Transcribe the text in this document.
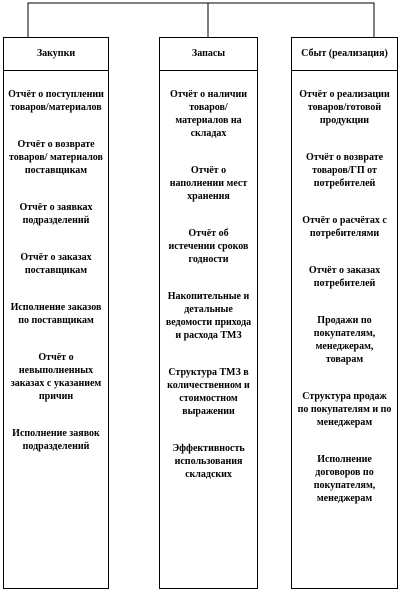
Закупки
Отчёт о поступлении товаров/материалов
Отчёт о возврате товаров/ материалов поставщикам
Отчёт о заявках подразделений
Отчёт о заказах поставщикам
Исполнение заказов по поставщикам
Отчёт о невыполненных заказах с указанием причин
Исполнение заявок подразделений
Запасы
Отчёт о наличии товаров/ материалов на складах
Отчёт о наполнении мест хранения
Отчёт об истечении сроков годности
Накопительные и детальные ведомости прихода и расхода ТМЗ
Структура ТМЗ в количественном и стоимостном выражении
Эффективность использования складских
Сбыт (реализация)
Отчёт о реализации товаров/готовой продукции
Отчёт о возврате товаров/ГП от потребителей
Отчёт о расчётах с потребителями
Отчёт о заказах потребителей
Продажи по покупателям, менеджерам, товарам
Структура продаж по покупателям и по менеджерам
Исполнение договоров по покупателям, менеджерам
